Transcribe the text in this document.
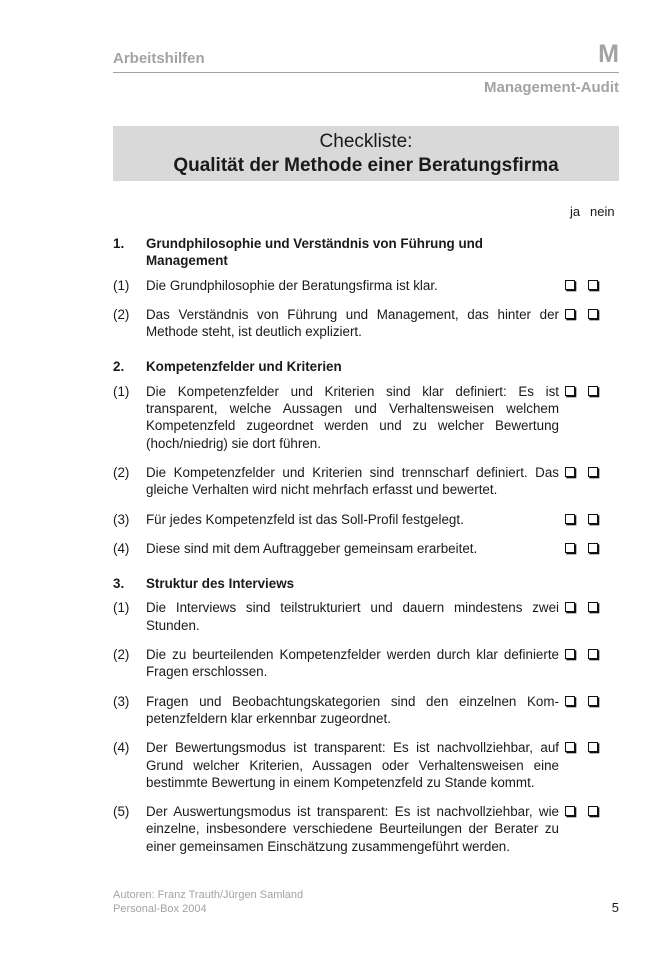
Arbeitshilfen	M
Management-Audit
Checkliste:
Qualität der Methode einer Beratungsfirma
ja nein
1.	Grundphilosophie und Verständnis von Führung und Management
(1)	Die Grundphilosophie der Beratungsfirma ist klar.
(2)	Das Verständnis von Führung und Management, das hinter der Methode steht, ist deutlich expliziert.
2.	Kompetenzfelder und Kriterien
(1)	Die Kompetenzfelder und Kriterien sind klar definiert: Es ist transparent, welche Aussagen und Verhaltensweisen welchem Kompetenzfeld zugeordnet werden und zu welcher Bewertung (hoch/niedrig) sie dort führen.
(2)	Die Kompetenzfelder und Kriterien sind trennscharf definiert. Das gleiche Verhalten wird nicht mehrfach erfasst und bewertet.
(3)	Für jedes Kompetenzfeld ist das Soll-Profil festgelegt.
(4)	Diese sind mit dem Auftraggeber gemeinsam erarbeitet.
3.	Struktur des Interviews
(1)	Die Interviews sind teilstrukturiert und dauern mindestens zwei Stunden.
(2)	Die zu beurteilenden Kompetenzfelder werden durch klar definierte Fragen erschlossen.
(3)	Fragen und Beobachtungskategorien sind den einzelnen Kompetenzfeldern klar erkennbar zugeordnet.
(4)	Der Bewertungsmodus ist transparent: Es ist nachvollziehbar, auf Grund welcher Kriterien, Aussagen oder Verhaltensweisen eine bestimmte Bewertung in einem Kompetenzfeld zu Stande kommt.
(5)	Der Auswertungsmodus ist transparent: Es ist nachvollziehbar, wie einzelne, insbesondere verschiedene Beurteilungen der Berater zu einer gemeinsamen Einschätzung zusammengeführt werden.
Autoren: Franz Trauth/Jürgen Samland
Personal-Box 2004	5
